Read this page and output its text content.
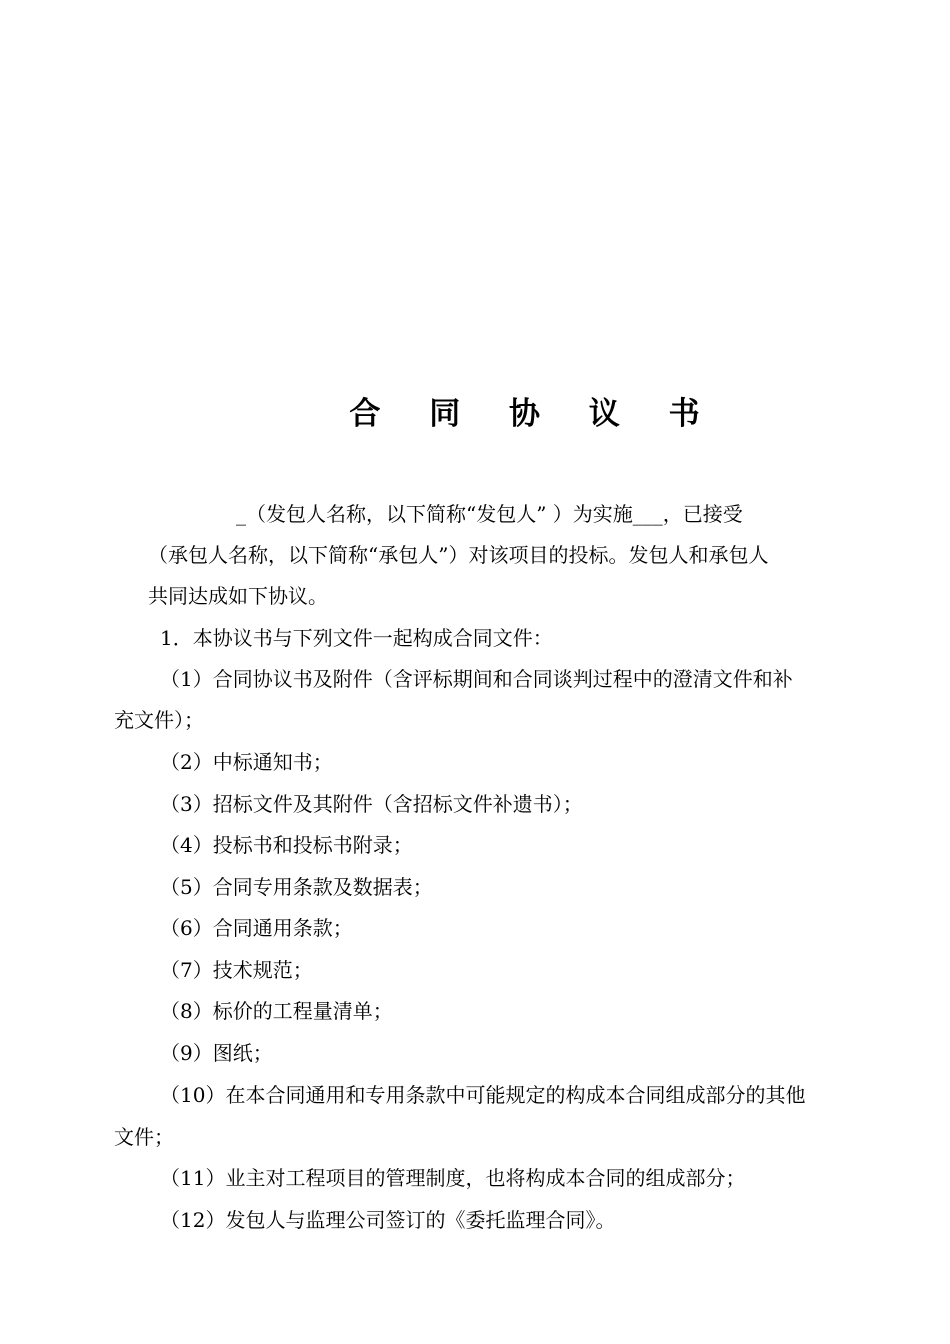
合 同 协 议 书
_（发包人名称，以下简称“发包人” ）为实施___，已接受
（承包人名称，以下简称“承包人”）对该项目的投标。发包人和承包人
共同达成如下协议。
1．本协议书与下列文件一起构成合同文件：
（1）合同协议书及附件（含评标期间和合同谈判过程中的澄清文件和补
充文件）；
（2）中标通知书；
（3）招标文件及其附件（含招标文件补遗书）；
（4）投标书和投标书附录；
（5）合同专用条款及数据表；
（6）合同通用条款；
（7）技术规范；
（8）标价的工程量清单；
（9）图纸；
（10）在本合同通用和专用条款中可能规定的构成本合同组成部分的其他
文件；
（11）业主对工程项目的管理制度，也将构成本合同的组成部分；
（12）发包人与监理公司签订的《委托监理合同》。
